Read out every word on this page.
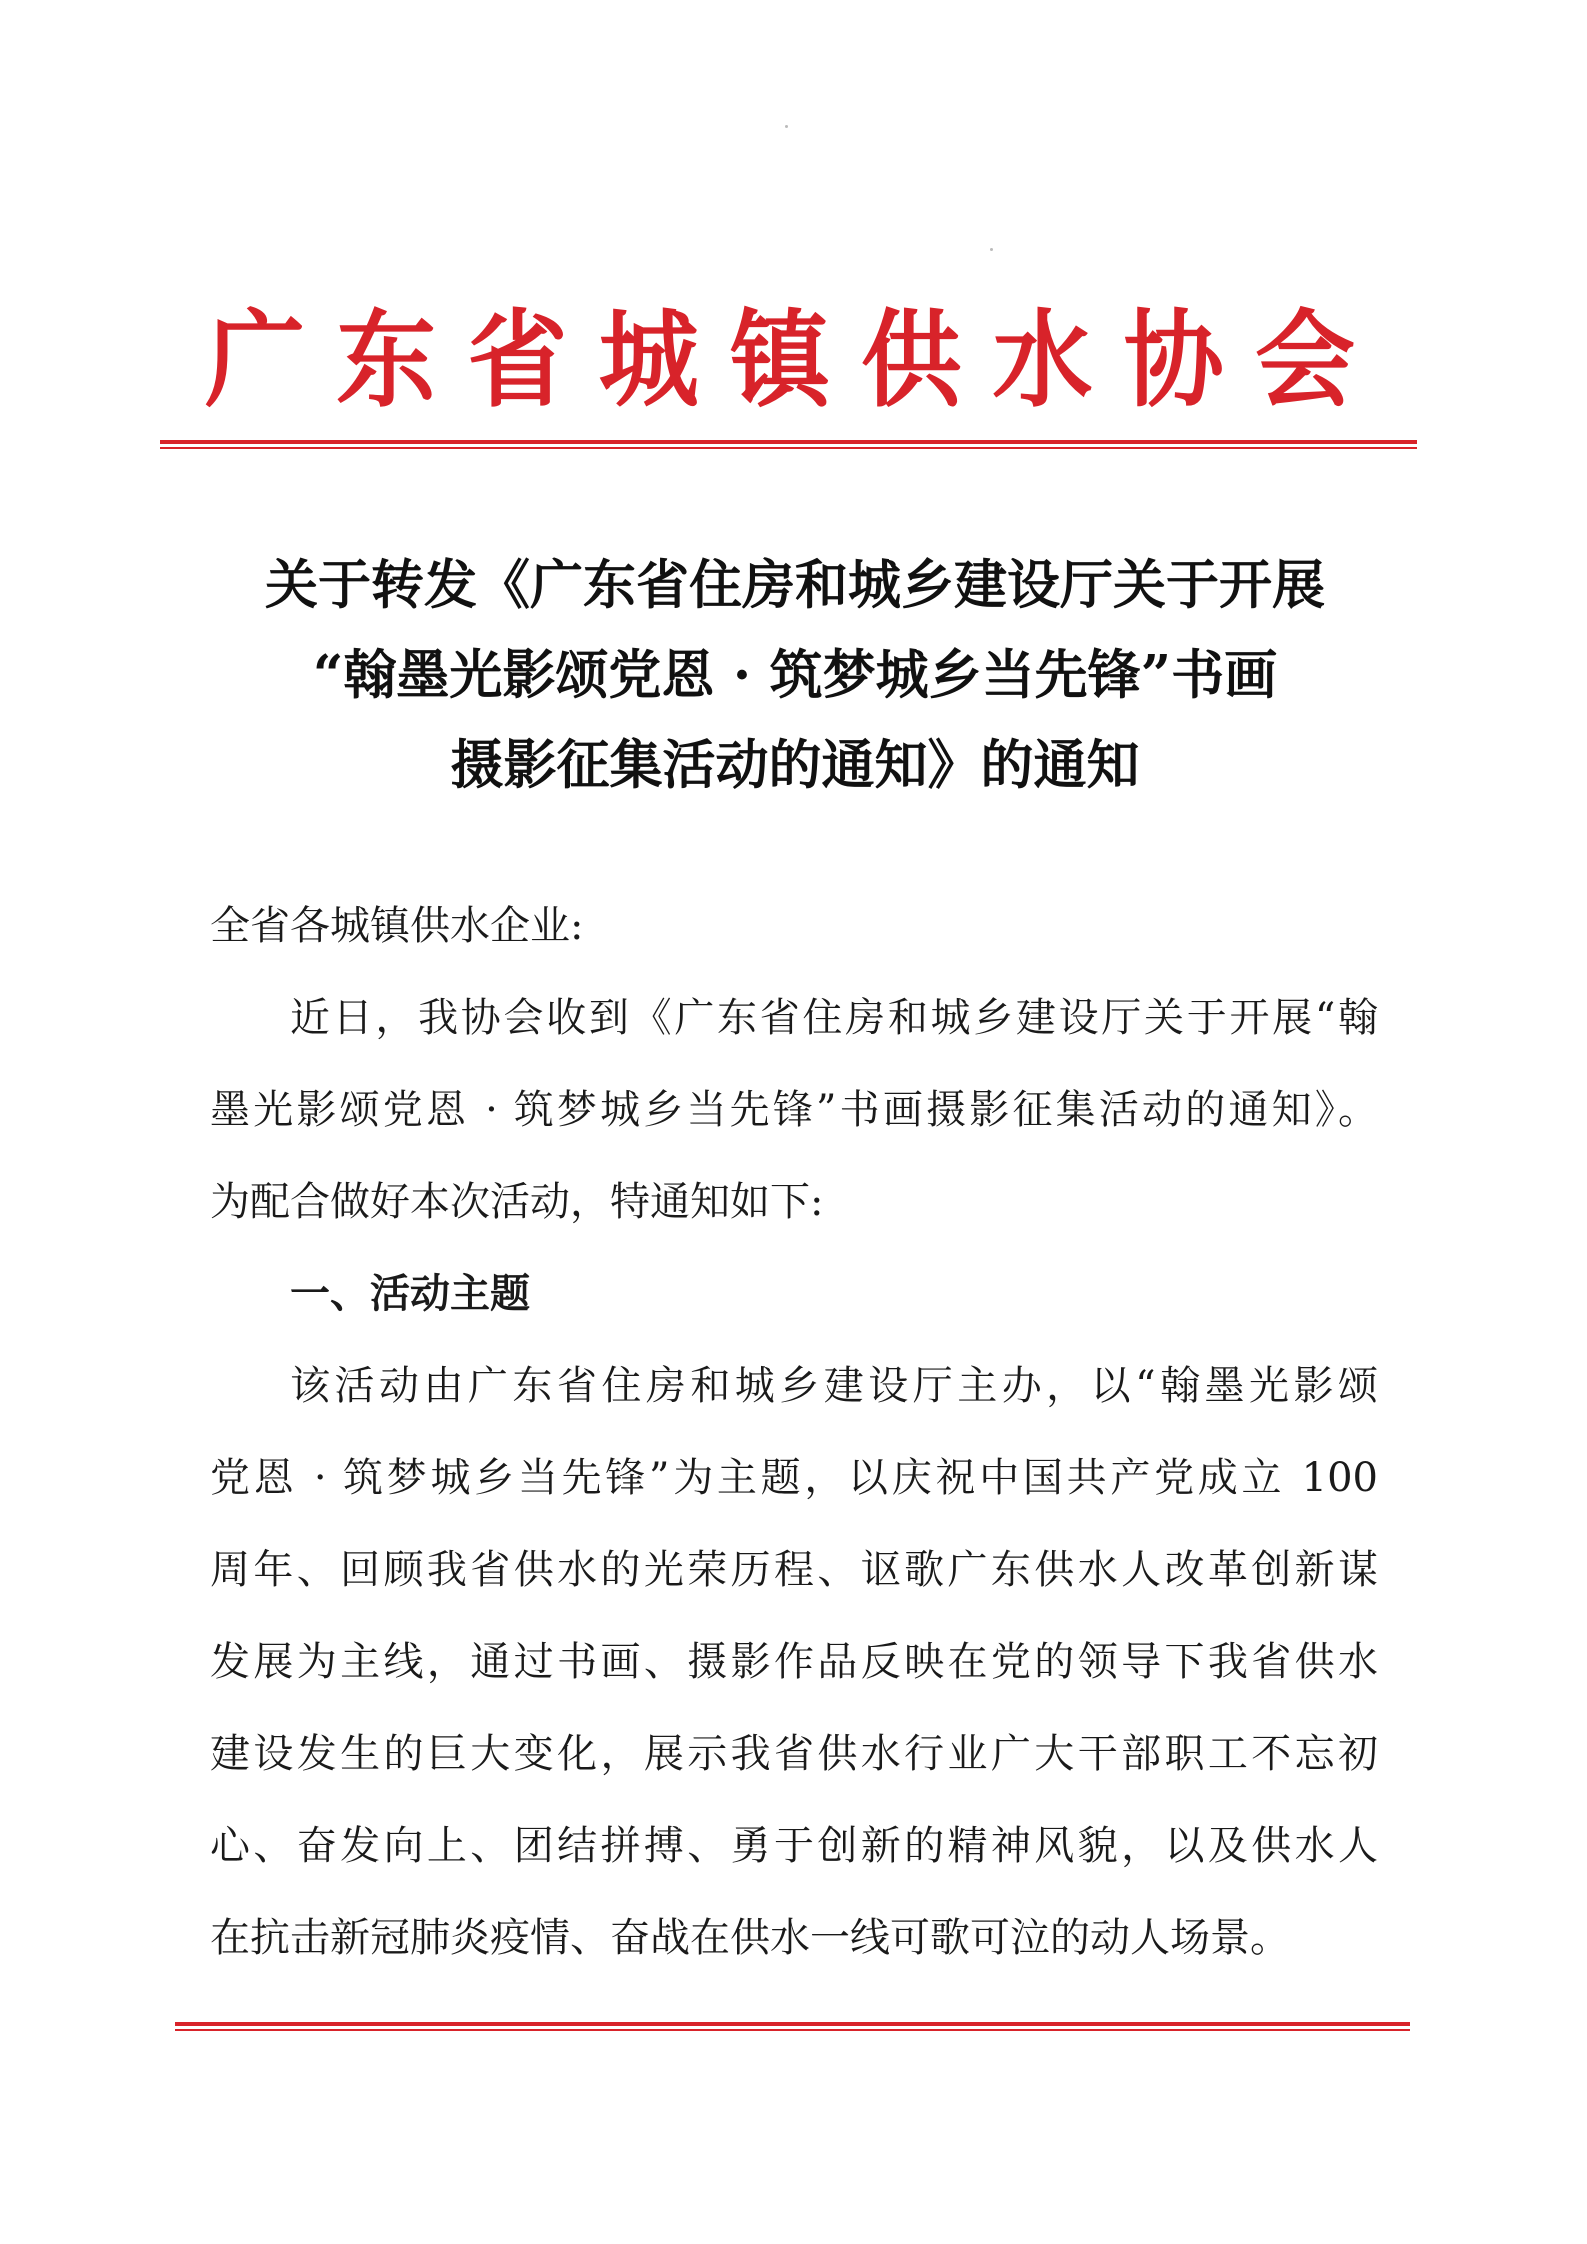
广 东 省 城 镇 供 水 协 会
关于转发《广东省住房和城乡建设厅关于开展
“翰墨光影颂党恩 · 筑梦城乡当先锋”书画
摄影征集活动的通知》的通知
全省各城镇供水企业:
近日，我协会收到《广东省住房和城乡建设厅关于开展“翰
墨光影颂党恩 · 筑梦城乡当先锋”书画摄影征集活动的通知》。
为配合做好本次活动，特通知如下:
一、活动主题
该活动由广东省住房和城乡建设厅主办，以“翰墨光影颂
党恩 · 筑梦城乡当先锋”为主题，以庆祝中国共产党成立 100
周年、回顾我省供水的光荣历程、讴歌广东供水人改革创新谋
发展为主线，通过书画、摄影作品反映在党的领导下我省供水
建设发生的巨大变化，展示我省供水行业广大干部职工不忘初
心、奋发向上、团结拼搏、勇于创新的精神风貌，以及供水人
在抗击新冠肺炎疫情、奋战在供水一线可歌可泣的动人场景。
